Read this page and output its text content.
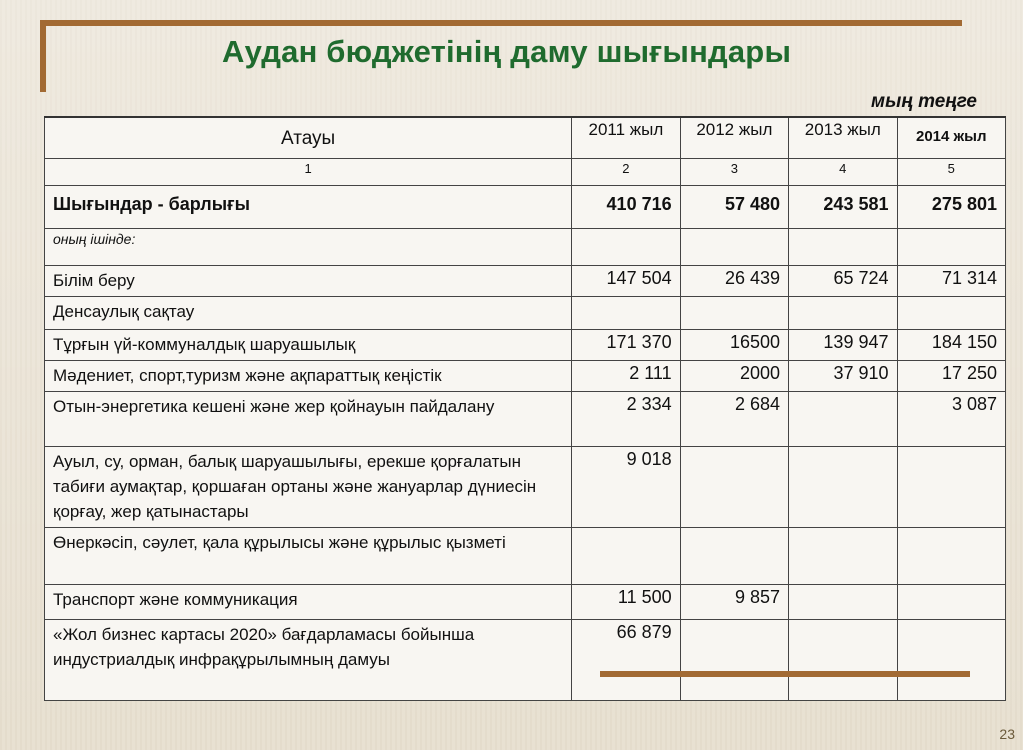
Аудан бюджетінің даму шығындары
мың теңге
Атауы	2011 жыл	2012 жыл	2013 жыл	2014 жыл
1	2	3	4	5
Шығындар - барлығы	410 716	57 480	243 581	275 801
оның ішінде:				
Білім беру	147 504	26 439	65 724	71 314
Денсаулық сақтау				
Тұрғын үй-коммуналдық шаруашылық	171 370	16500	139 947	184 150
Мәдениет, спорт,туризм және ақпараттық кеңістік	2 111	2000	37 910	17 250
Отын-энергетика кешені және жер қойнауын пайдалану	2 334	2 684		3 087
Ауыл, су, орман, балық шаруашылығы, ерекше қорғалатын табиғи аумақтар, қоршаған ортаны және жануарлар дүниесін қорғау, жер қатынастары	9 018			
Өнеркәсіп, сәулет, қала құрылысы және құрылыс қызметі				
Транспорт және коммуникация	11 500	9 857		
«Жол бизнес картасы 2020» бағдарламасы бойынша индустриалдық инфрақұрылымның дамуы	66 879			
23
